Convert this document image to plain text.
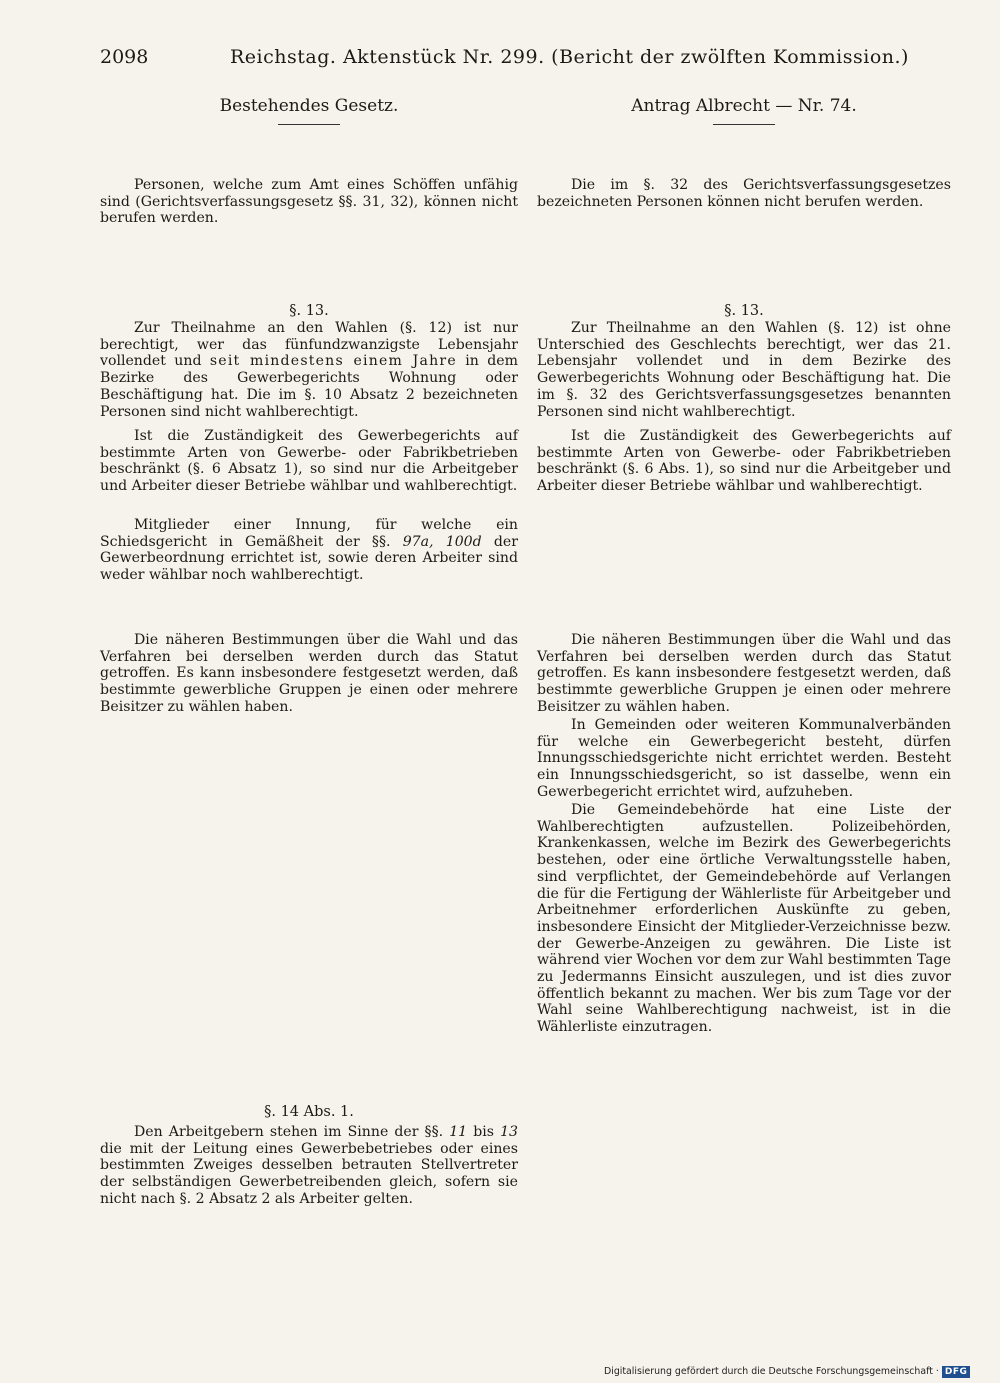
2098	Reichstag. Aktenstück Nr. 299. (Bericht der zwölften Kommission.)
Bestehendes Gesetz.

Personen, welche zum Amt eines Schöffen unfähig sind (Gerichtsverfassungsgesetz §§. 31, 32), können nicht berufen werden.

§. 13.

Zur Theilnahme an den Wahlen (§. 12) ist nur berechtigt, wer das fünfundzwanzigste Lebensjahr vollendet und seit mindestens einem Jahre in dem Bezirke des Gewerbegerichts Wohnung oder Beschäftigung hat. Die im §. 10 Absatz 2 bezeichneten Personen sind nicht wahlberechtigt.

Ist die Zuständigkeit des Gewerbegerichts auf bestimmte Arten von Gewerbe- oder Fabrikbetrieben beschränkt (§. 6 Absatz 1), so sind nur die Arbeitgeber und Arbeiter dieser Betriebe wählbar und wahlberechtigt.

Mitglieder einer Innung, für welche ein Schiedsgericht in Gemäßheit der §§. 97a, 100d der Gewerbeordnung errichtet ist, sowie deren Arbeiter sind weder wählbar noch wahlberechtigt.

Die näheren Bestimmungen über die Wahl und das Verfahren bei derselben werden durch das Statut getroffen. Es kann insbesondere festgesetzt werden, daß bestimmte gewerbliche Gruppen je einen oder mehrere Beisitzer zu wählen haben.

§. 14 Abs. 1.

Den Arbeitgebern stehen im Sinne der §§. 11 bis 13 die mit der Leitung eines Gewerbebetriebes oder eines bestimmten Zweiges desselben betrauten Stellvertreter der selbständigen Gewerbetreibenden gleich, sofern sie nicht nach §. 2 Absatz 2 als Arbeiter gelten.

Antrag Albrecht — Nr. 74.

Die im §. 32 des Gerichtsverfassungsgesetzes bezeichneten Personen können nicht berufen werden.

§. 13.

Zur Theilnahme an den Wahlen (§. 12) ist ohne Unterschied des Geschlechts berechtigt, wer das 21. Lebensjahr vollendet und in dem Bezirke des Gewerbegerichts Wohnung oder Beschäftigung hat. Die im §. 32 des Gerichtsverfassungsgesetzes benannten Personen sind nicht wahlberechtigt.

Ist die Zuständigkeit des Gewerbegerichts auf bestimmte Arten von Gewerbe- oder Fabrikbetrieben beschränkt (§. 6 Abs. 1), so sind nur die Arbeitgeber und Arbeiter dieser Betriebe wählbar und wahlberechtigt.

Die näheren Bestimmungen über die Wahl und das Verfahren bei derselben werden durch das Statut getroffen. Es kann insbesondere festgesetzt werden, daß bestimmte gewerbliche Gruppen je einen oder mehrere Beisitzer zu wählen haben.

In Gemeinden oder weiteren Kommunalverbänden für welche ein Gewerbegericht besteht, dürfen Innungsschiedsgerichte nicht errichtet werden. Besteht ein Innungsschiedsgericht, so ist dasselbe, wenn ein Gewerbegericht errichtet wird, aufzuheben.

Die Gemeindebehörde hat eine Liste der Wahlberechtigten aufzustellen. Polizeibehörden, Krankenkassen, welche im Bezirk des Gewerbegerichts bestehen, oder eine örtliche Verwaltungsstelle haben, sind verpflichtet, der Gemeindebehörde auf Verlangen die für die Fertigung der Wählerliste für Arbeitgeber und Arbeitnehmer erforderlichen Auskünfte zu geben, insbesondere Einsicht der Mitglieder-Verzeichnisse bezw. der Gewerbe-Anzeigen zu gewähren. Die Liste ist während vier Wochen vor dem zur Wahl bestimmten Tage zu Jedermanns Einsicht auszulegen, und ist dies zuvor öffentlich bekannt zu machen. Wer bis zum Tage vor der Wahl seine Wahlberechtigung nachweist, ist in die Wählerliste einzutragen.

Digitalisierung gefördert durch die Deutsche Forschungsgemeinschaft · DFG
